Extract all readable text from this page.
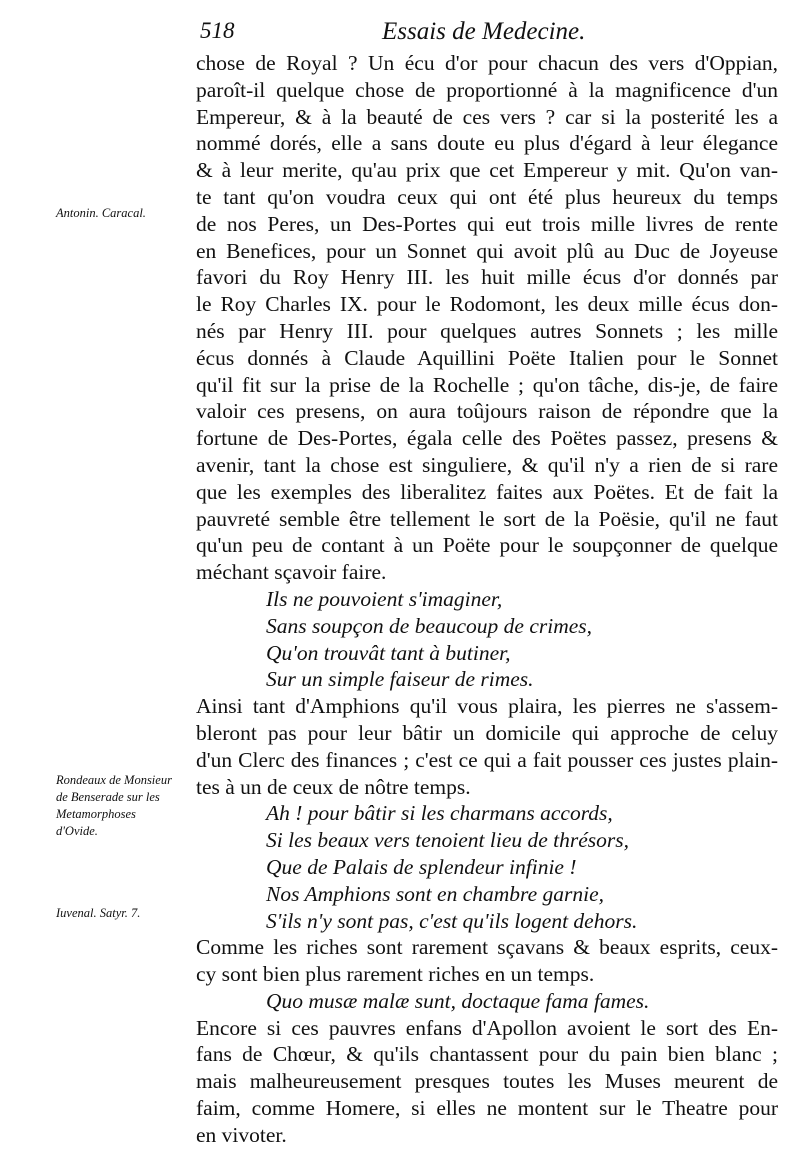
518	Essais de Medecine.
Antonin. Caracal.
Rondeaux de Monsieur de Benserade sur les Metamorphoses d'Ovide.
Iuvenal. Satyr. 7.
chose de Royal ? Un écu d'or pour chacun des vers d'Oppian,
paroît-il quelque chose de proportionné à la magnificence d'un
Empereur, & à la beauté de ces vers ? car si la posterité les a
nommé dorés, elle a sans doute eu plus d'égard à leur élegance
& à leur merite, qu'au prix que cet Empereur y mit. Qu'on van-
te tant qu'on voudra ceux qui ont été plus heureux du temps
de nos Peres, un Des-Portes qui eut trois mille livres de rente
en Benefices, pour un Sonnet qui avoit plû au Duc de Joyeuse
favori du Roy Henry III. les huit mille écus d'or donnés par
le Roy Charles IX. pour le Rodomont, les deux mille écus don-
nés par Henry III. pour quelques autres Sonnets ; les mille
écus donnés à Claude Aquillini Poëte Italien pour le Sonnet
qu'il fit sur la prise de la Rochelle ; qu'on tâche, dis-je, de faire
valoir ces presens, on aura toûjours raison de répondre que la
fortune de Des-Portes, égala celle des Poëtes passez, presens &
avenir, tant la chose est singuliere, & qu'il n'y a rien de si rare
que les exemples des liberalitez faites aux Poëtes. Et de fait la
pauvreté semble être tellement le sort de la Poësie, qu'il ne faut
qu'un peu de contant à un Poëte pour le soupçonner de quelque
méchant sçavoir faire.
Ils ne pouvoient s'imaginer,
Sans soupçon de beaucoup de crimes,
Qu'on trouvât tant à butiner,
Sur un simple faiseur de rimes.
Ainsi tant d'Amphions qu'il vous plaira, les pierres ne s'assem-
bleront pas pour leur bâtir un domicile qui approche de celuy
d'un Clerc des finances ; c'est ce qui a fait pousser ces justes plain-
tes à un de ceux de nôtre temps.
Ah ! pour bâtir si les charmans accords,
Si les beaux vers tenoient lieu de thrésors,
Que de Palais de splendeur infinie !
Nos Amphions sont en chambre garnie,
S'ils n'y sont pas, c'est qu'ils logent dehors.
Comme les riches sont rarement sçavans & beaux esprits, ceux-
cy sont bien plus rarement riches en un temps.
Quo musæ malæ sunt, doctaque fama fames.
Encore si ces pauvres enfans d'Apollon avoient le sort des En-
fans de Chœur, & qu'ils chantassent pour du pain bien blanc ;
mais malheureusement presques toutes les Muses meurent de
faim, comme Homere, si elles ne montent sur le Theatre pour
en vivoter.
